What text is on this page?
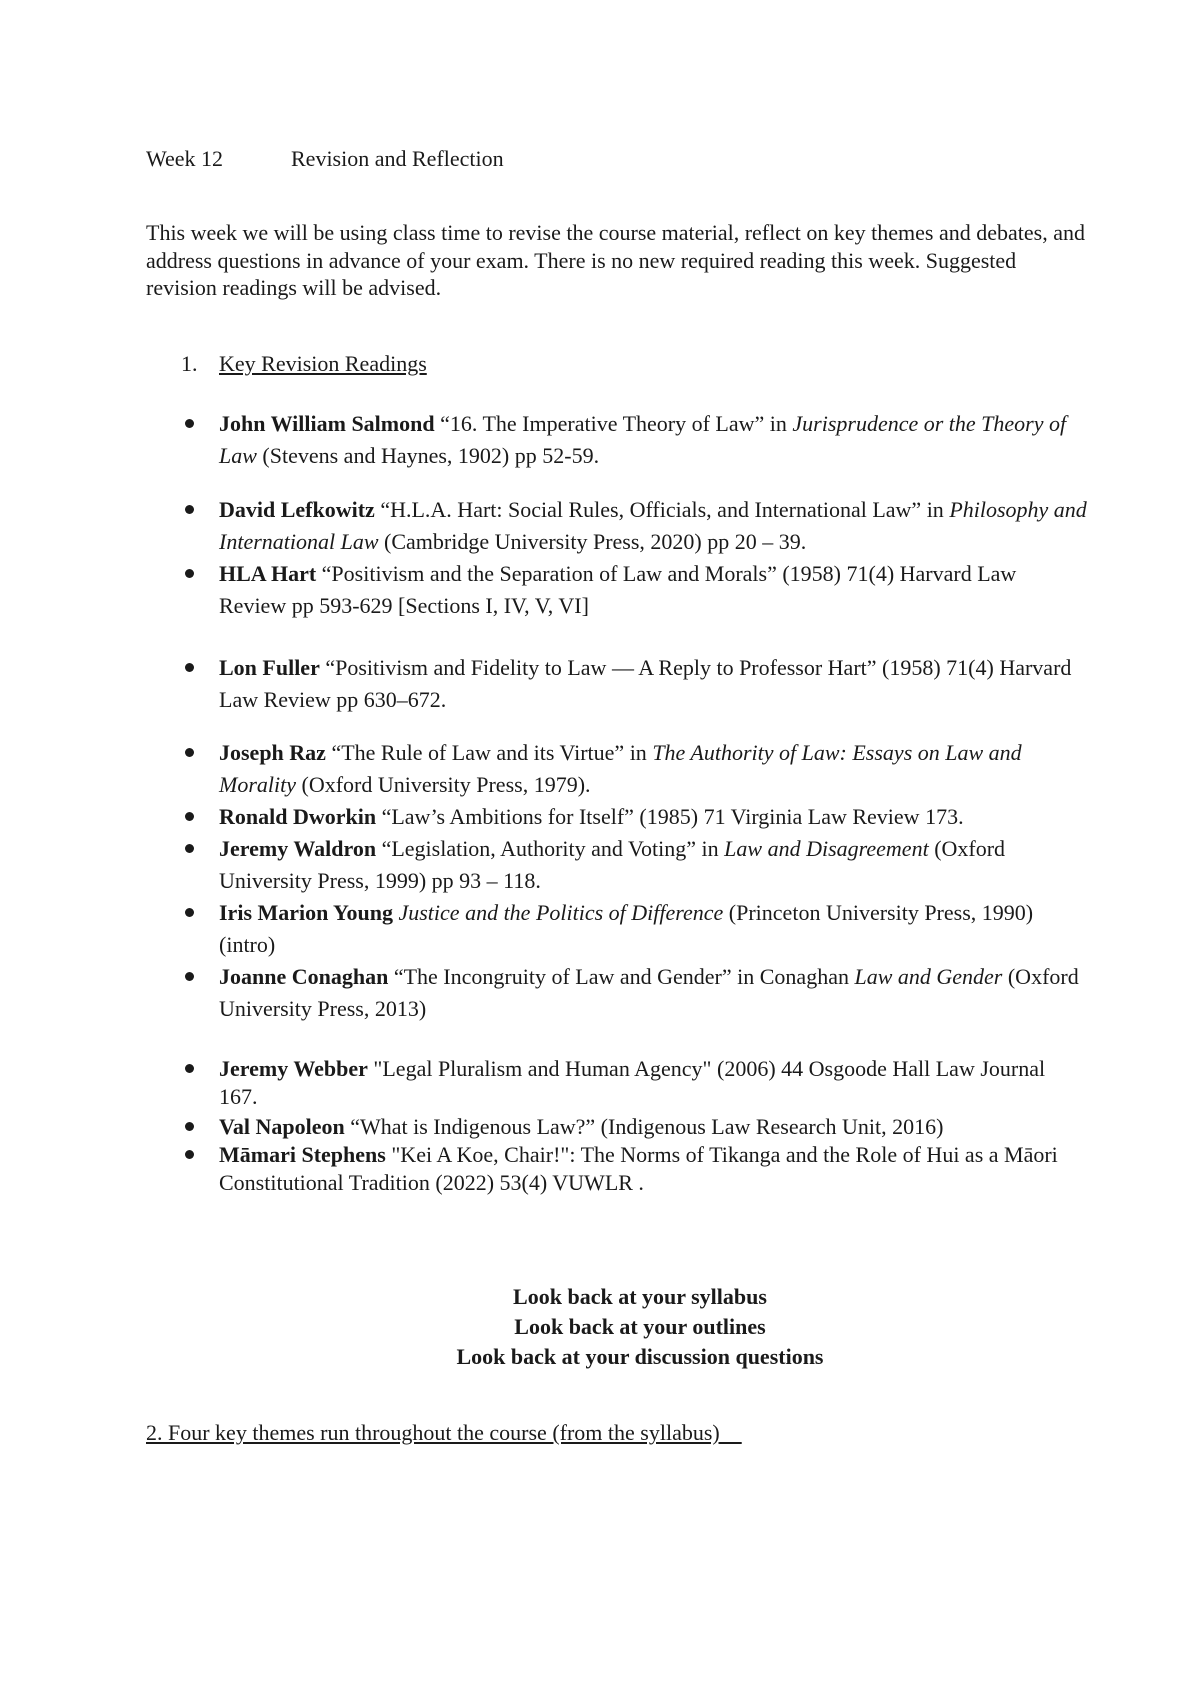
Week 12	Revision and Reflection
This week we will be using class time to revise the course material, reflect on key themes and debates, and address questions in advance of your exam. There is no new required reading this week. Suggested revision readings will be advised.
1. Key Revision Readings
John William Salmond “16. The Imperative Theory of Law” in Jurisprudence or the Theory of Law (Stevens and Haynes, 1902) pp 52-59.
David Lefkowitz “H.L.A. Hart: Social Rules, Officials, and International Law” in Philosophy and International Law (Cambridge University Press, 2020) pp 20 – 39.
HLA Hart “Positivism and the Separation of Law and Morals” (1958) 71(4) Harvard Law Review pp 593-629 [Sections I, IV, V, VI]
Lon Fuller “Positivism and Fidelity to Law — A Reply to Professor Hart” (1958) 71(4) Harvard Law Review pp 630–672.
Joseph Raz “The Rule of Law and its Virtue” in The Authority of Law: Essays on Law and Morality (Oxford University Press, 1979).
Ronald Dworkin “Law’s Ambitions for Itself” (1985) 71 Virginia Law Review 173.
Jeremy Waldron “Legislation, Authority and Voting” in Law and Disagreement (Oxford University Press, 1999) pp 93 – 118.
Iris Marion Young Justice and the Politics of Difference (Princeton University Press, 1990) (intro)
Joanne Conaghan “The Incongruity of Law and Gender” in Conaghan Law and Gender (Oxford University Press, 2013)
Jeremy Webber "Legal Pluralism and Human Agency" (2006) 44 Osgoode Hall Law Journal 167.
Val Napoleon “What is Indigenous Law?” (Indigenous Law Research Unit, 2016)
Māmari Stephens "Kei A Koe, Chair!": The Norms of Tikanga and the Role of Hui as a Māori Constitutional Tradition (2022) 53(4) VUWLR .
Look back at your syllabus
Look back at your outlines
Look back at your discussion questions
2. Four key themes run throughout the course (from the syllabus)
